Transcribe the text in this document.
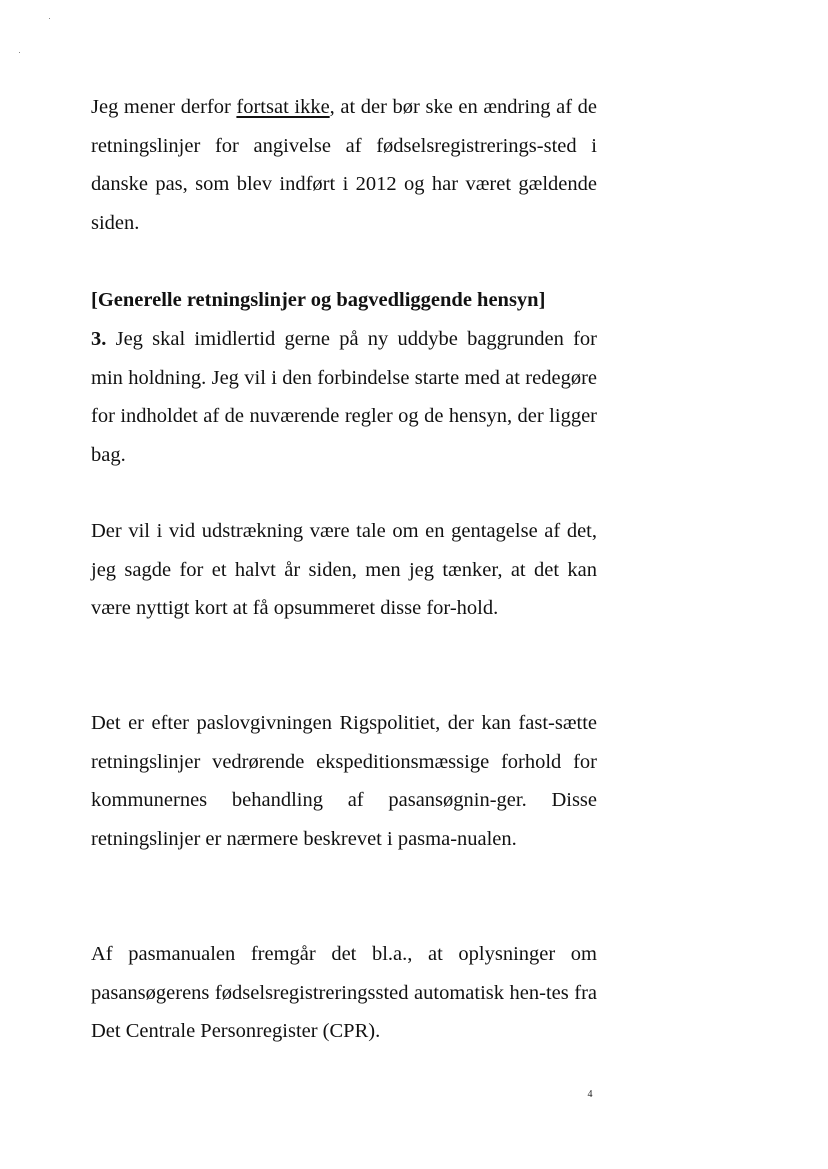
Jeg mener derfor fortsat ikke, at der bør ske en ændring af de retningslinjer for angivelse af fødselsregistrerings-sted i danske pas, som blev indført i 2012 og har været gældende siden.

[Generelle retningslinjer og bagvedliggende hensyn]

3. Jeg skal imidlertid gerne på ny uddybe baggrunden for min holdning. Jeg vil i den forbindelse starte med at redegøre for indholdet af de nuværende regler og de hensyn, der ligger bag.

Der vil i vid udstrækning være tale om en gentagelse af det, jeg sagde for et halvt år siden, men jeg tænker, at det kan være nyttigt kort at få opsummeret disse for-hold.

Det er efter paslovgivningen Rigspolitiet, der kan fast-sætte retningslinjer vedrørende ekspeditionsmæssige forhold for kommunernes behandling af pasansøgnin-ger. Disse retningslinjer er nærmere beskrevet i pasma-nualen.

Af pasmanualen fremgår det bl.a., at oplysninger om pasansøgerens fødselsregistreringssted automatisk hen-tes fra Det Centrale Personregister (CPR).

4
